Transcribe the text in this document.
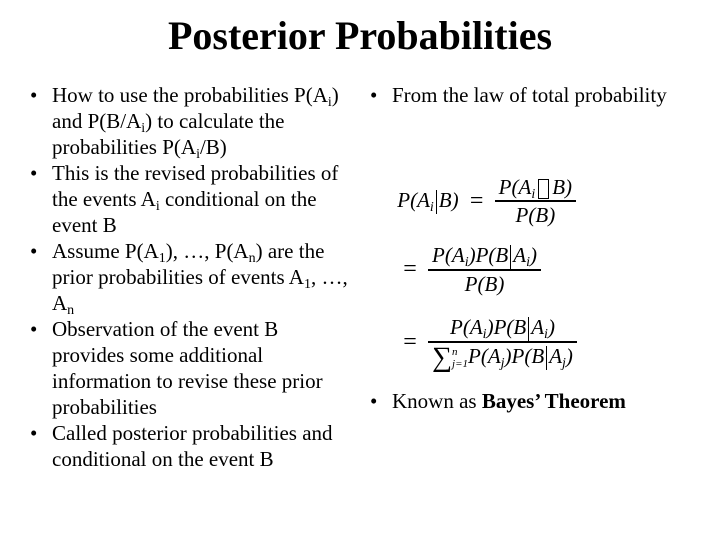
Posterior Probabilities
• How to use the probabilities $P(A_i)$ and $P(B/A_i)$ to calculate the probabilities $P(A_i/B)$
• This is the revised probabilities of the events $A_i$ conditional on the event B
• Assume $P(A_1)$, …, $P(A_n)$ are the prior probabilities of events $A_1$, …, $A_n$
• Observation of the event B provides some additional information to revise these prior probabilities
• Called posterior probabilities and conditional on the event B
• From the law of total probability
$P(A_i$ $B) = \frac{P(A_i B)}{P(B)}$
= $\frac{P(A_i)P(B A_i)}{P(B)}$
=
$P(A_i)P(B$ $A_i$)
∑n
$j=1P(A_j)P(B$ $A_j$)
• Known as Bayes’ Theorem
